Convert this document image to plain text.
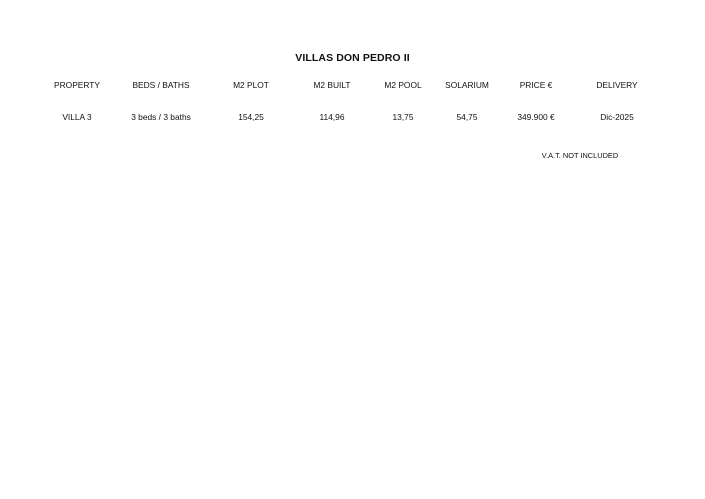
VILLAS DON PEDRO II
PROPERTY	BEDS / BATHS	M2 PLOT	M2 BUILT	M2 POOL	SOLARIUM	PRICE €	DELIVERY
VILLA 3	3 beds / 3 baths	154,25	114,96	13,75	54,75	349.900 €	Dic-2025
V.A.T. NOT INCLUDED
